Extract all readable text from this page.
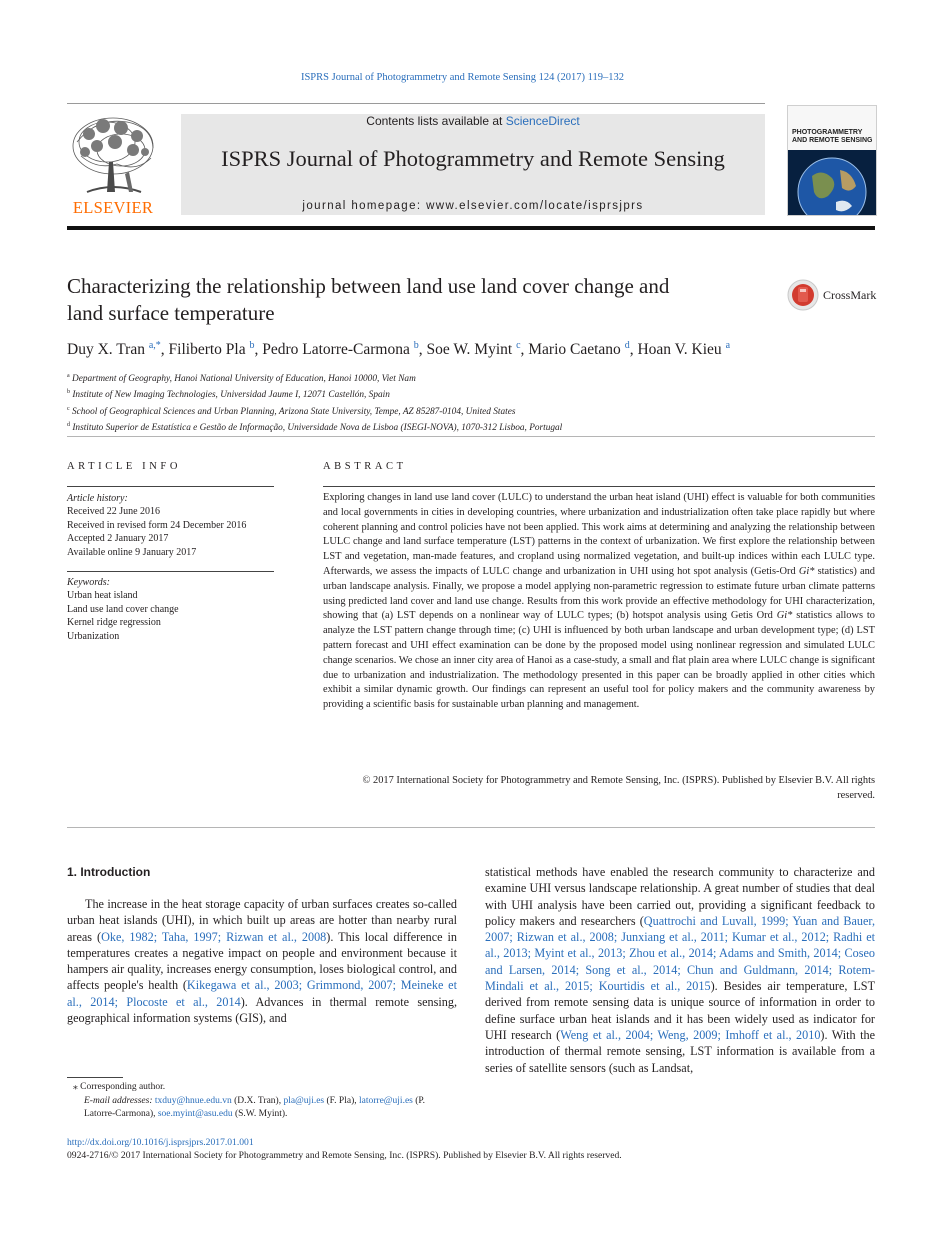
ISPRS Journal of Photogrammetry and Remote Sensing 124 (2017) 119–132
ELSEVIER
Contents lists available at ScienceDirect
ISPRS Journal of Photogrammetry and Remote Sensing
journal homepage: www.elsevier.com/locate/isprsjprs
PHOTOGRAMMETRY
AND REMOTE SENSING
Characterizing the relationship between land use land cover change and
land surface temperature
CrossMark
Duy X. Tran $^{a,*}$, Filiberto Pla $^b$, Pedro Latorre-Carmona $^b$, Soe W. Myint $^c$, Mario Caetano $^d$, Hoan V. Kieu $^a$
$^a$ Department of Geography, Hanoi National University of Education, Hanoi 10000, Viet Nam
$^b$ Institute of New Imaging Technologies, Universidad Jaume I, 12071 Castellón, Spain
$^c$ School of Geographical Sciences and Urban Planning, Arizona State University, Tempe, AZ 85287-0104, United States
$^d$ Instituto Superior de Estatística e Gestão de Informação, Universidade Nova de Lisboa (ISEGI-NOVA), 1070-312 Lisboa, Portugal
ARTICLE INFO	ABSTRACT
Article history:
Received 22 June 2016
Received in revised form 24 December 2016
Accepted 2 January 2017
Available online 9 January 2017
Keywords:
Urban heat island
Land use land cover change
Kernel ridge regression
Urbanization
Exploring changes in land use land cover (LULC) to understand the urban heat island (UHI) effect is valuable for both communities and local governments in cities in developing countries, where urbanization and industrialization often take place rapidly but where coherent planning and control policies have not been applied. This work aims at determining and analyzing the relationship between LULC change and land surface temperature (LST) patterns in the context of urbanization. We first explore the relationship between LST and vegetation, man-made features, and cropland using normalized vegetation, and built-up indices within each LULC type. Afterwards, we assess the impacts of LULC change and urbanization in UHI using hot spot analysis (Getis-Ord Gi* statistics) and urban landscape analysis. Finally, we propose a model applying non-parametric regression to estimate future urban climate patterns using predicted land cover and land use change. Results from this work provide an effective methodology for UHI characterization, showing that (a) LST depends on a nonlinear way of LULC types; (b) hotspot analysis using Getis Ord Gi* statistics allows to analyze the LST pattern change through time; (c) UHI is influenced by both urban landscape and urban development type; (d) LST pattern forecast and UHI effect examination can be done by the proposed model using nonlinear regression and simulated LULC change scenarios. We chose an inner city area of Hanoi as a case-study, a small and flat plain area where LULC change is significant due to urbanization and industrialization. The methodology presented in this paper can be broadly applied in other cities which exhibit a similar dynamic growth. Our findings can represent an useful tool for policy makers and the community awareness by providing a scientific basis for sustainable urban planning and management.
© 2017 International Society for Photogrammetry and Remote Sensing, Inc. (ISPRS). Published by Elsevier B.V. All rights reserved.
1. Introduction

The increase in the heat storage capacity of urban surfaces creates so-called urban heat islands (UHI), in which built up areas are hotter than nearby rural areas (Oke, 1982; Taha, 1997; Rizwan et al., 2008). This local difference in temperatures creates a negative impact on people and environment because it hampers air quality, increases energy consumption, loses biological control, and affects people's health (Kikegawa et al., 2003; Grimmond, 2007; Meineke et al., 2014; Plocoste et al., 2014). Advances in thermal remote sensing, geographical information systems (GIS), and

statistical methods have enabled the research community to characterize and examine UHI versus landscape relationship. A great number of studies that deal with UHI analysis have been carried out, providing a significant feedback to policy makers and researchers (Quattrochi and Luvall, 1999; Yuan and Bauer, 2007; Rizwan et al., 2008; Junxiang et al., 2011; Kumar et al., 2012; Radhi et al., 2013; Myint et al., 2013; Zhou et al., 2014; Adams and Smith, 2014; Coseo and Larsen, 2014; Song et al., 2014; Chun and Guldmann, 2014; Rotem-Mindali et al., 2015; Kourtidis et al., 2015). Besides air temperature, LST derived from remote sensing data is unique source of information in order to define surface urban heat islands and it has been widely used as indicator for UHI research (Weng et al., 2004; Weng, 2009; Imhoff et al., 2010). With the introduction of thermal remote sensing, LST information is available from a series of satellite sensors (such as Landsat,

⁎ Corresponding author.
E-mail addresses: txduy@hnue.edu.vn (D.X. Tran), pla@uji.es (F. Pla), latorre@uji.es (P. Latorre-Carmona), soe.myint@asu.edu (S.W. Myint).
http://dx.doi.org/10.1016/j.isprsjprs.2017.01.001
0924-2716/© 2017 International Society for Photogrammetry and Remote Sensing, Inc. (ISPRS). Published by Elsevier B.V. All rights reserved.
